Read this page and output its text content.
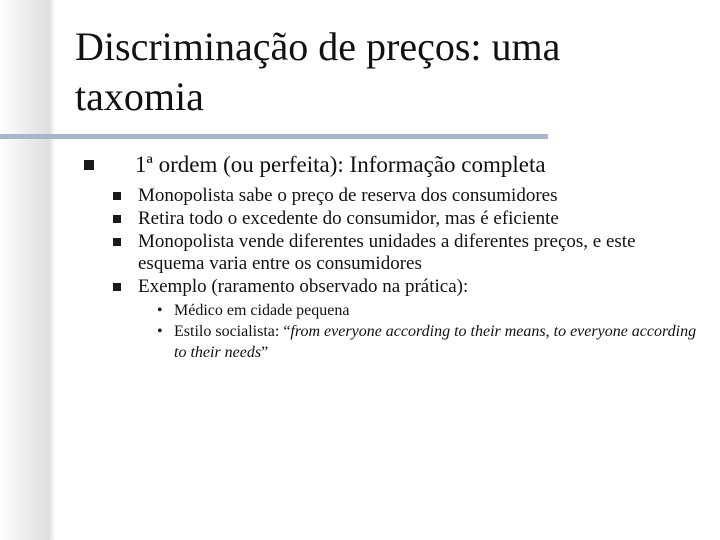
Discriminação de preços: uma taxomia
1ª ordem (ou perfeita): Informação completa
Monopolista sabe o preço de reserva dos consumidores
Retira todo o excedente do consumidor, mas é eficiente
Monopolista vende diferentes unidades a diferentes preços, e este esquema varia entre os consumidores
Exemplo (raramento observado na prática):
• Médico em cidade pequena
• Estilo socialista: “from everyone according to their means, to everyone according to their needs”
